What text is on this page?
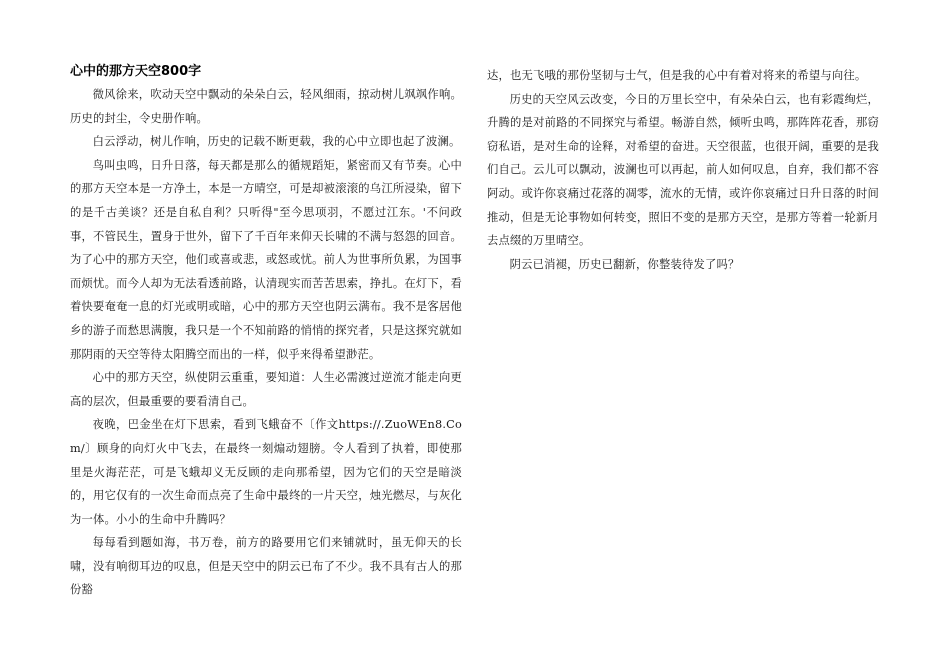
心中的那方天空800字

微风徐来，吹动天空中飘动的朵朵白云，轻风细雨，掠动树儿飒飒作响。历史的封尘，令史册作响。

白云浮动，树儿作响，历史的记载不断更载，我的心中立即也起了波澜。

鸟叫虫鸣，日升日落，每天都是那么的循规蹈矩，紧密而又有节奏。心中的那方天空本是一方净土，本是一方晴空，可是却被滚滚的乌江所浸染，留下的是千古美谈？还是自私自利？只听得"至今思项羽，不愿过江东。'不问政事，不管民生，置身于世外，留下了千百年来仰天长啸的不满与怒怨的回音。为了心中的那方天空，他们或喜或悲，或怒或忧。前人为世事所负累，为国事而烦忧。而今人却为无法看透前路，认清现实而苦苦思索，挣扎。在灯下，看着快要奄奄一息的灯光或明或暗，心中的那方天空也阴云满布。我不是客居他乡的游子而愁思满腹，我只是一个不知前路的悄悄的探究者，只是这探究就如那阴雨的天空等待太阳腾空而出的一样，似乎来得希望渺茫。

心中的那方天空，纵使阴云重重，要知道：人生必需渡过逆流才能走向更高的层次，但最重要的要看清自己。

夜晚，巴金坐在灯下思索，看到飞蛾奋不〔作文https://.ZuoWEn8.Com/〕顾身的向灯火中飞去，在最终一刻煽动翅膀。令人看到了执着，即使那里是火海茫茫，可是飞蛾却义无反顾的走向那希望，因为它们的天空是暗淡的，用它仅有的一次生命而点亮了生命中最终的一片天空，烛光燃尽，与灰化为一体。小小的生命中升腾吗？

每每看到题如海，书万卷，前方的路要用它们来铺就时，虽无仰天的长啸，没有响彻耳边的叹息，但是天空中的阴云已布了不少。我不具有古人的那份豁

达，也无飞哦的那份坚韧与士气，但是我的心中有着对将来的希望与向往。

历史的天空风云改变，今日的万里长空中，有朵朵白云，也有彩霞绚烂，升腾的是对前路的不同探究与希望。畅游自然，倾听虫鸣，那阵阵花香，那窃窃私语，是对生命的诠释，对希望的奋进。天空很蓝，也很开阔，重要的是我们自己。云儿可以飘动，波澜也可以再起，前人如何叹息，自弃，我们都不容阿动。或许你哀痛过花落的凋零，流水的无情，或许你哀痛过日升日落的时间推动，但是无论事物如何转变，照旧不变的是那方天空，是那方等着一轮新月去点缀的万里晴空。

阴云已消褪，历史已翻新，你整装待发了吗？
